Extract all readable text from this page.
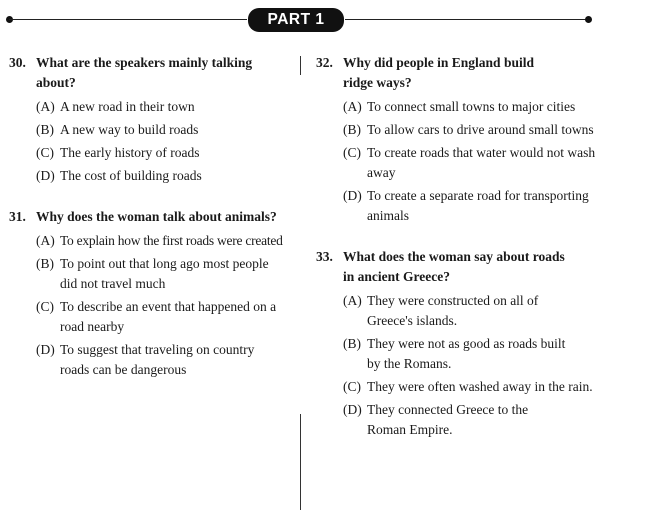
PART 1
30. What are the speakers mainly talking about?
(A) A new road in their town
(B) A new way to build roads
(C) The early history of roads
(D) The cost of building roads
31. Why does the woman talk about animals?
(A) To explain how the first roads were created
(B) To point out that long ago most people did not travel much
(C) To describe an event that happened on a road nearby
(D) To suggest that traveling on country roads can be dangerous
32. Why did people in England build ridge ways?
(A) To connect small towns to major cities
(B) To allow cars to drive around small towns
(C) To create roads that water would not wash away
(D) To create a separate road for transporting animals
33. What does the woman say about roads in ancient Greece?
(A) They were constructed on all of Greece's islands.
(B) They were not as good as roads built by the Romans.
(C) They were often washed away in the rain.
(D) They connected Greece to the Roman Empire.
